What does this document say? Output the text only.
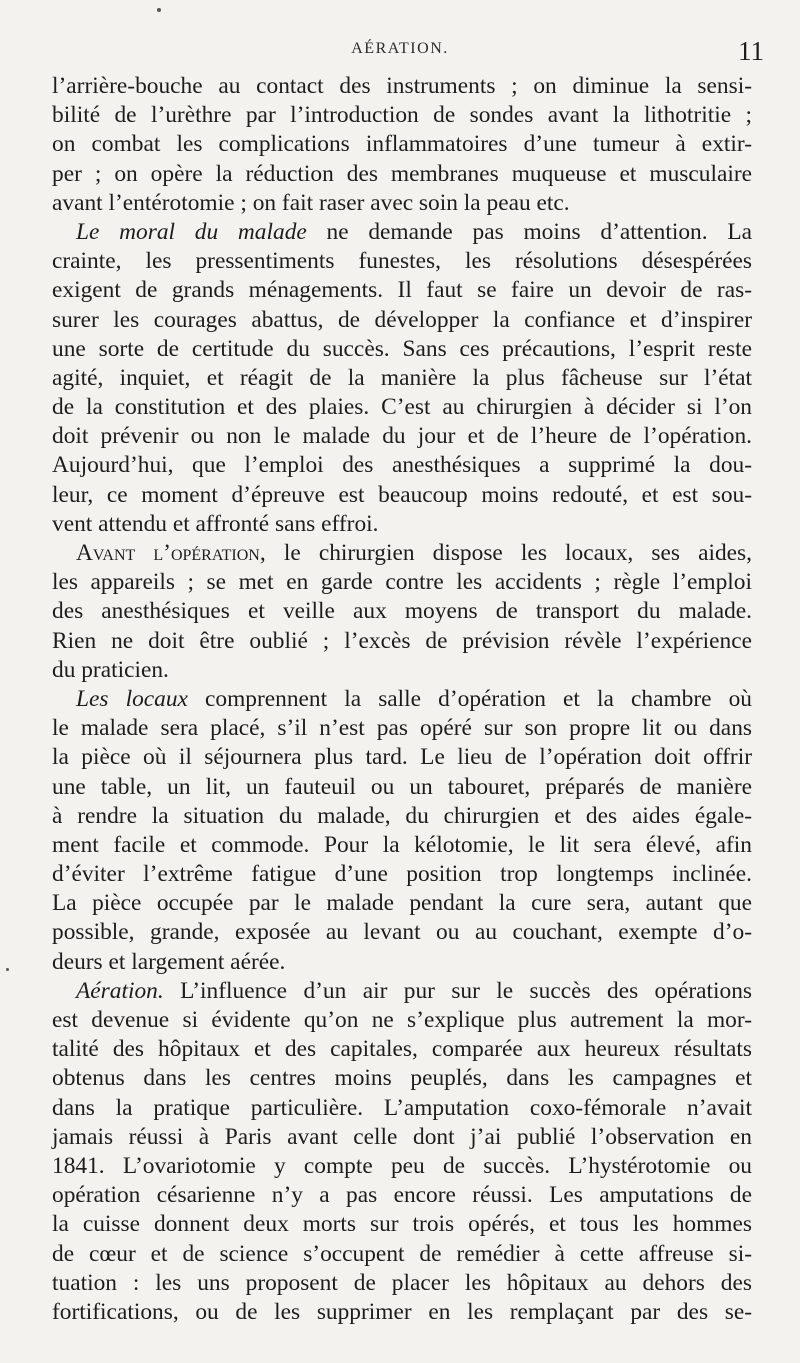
AÉRATION.	11
l’arrière-bouche au contact des instruments ; on diminue la sensi-
bilité de l’urèthre par l’introduction de sondes avant la lithotritie ;
on combat les complications inflammatoires d’une tumeur à extir-
per ; on opère la réduction des membranes muqueuse et musculaire
avant l’entérotomie ; on fait raser avec soin la peau etc.
Le moral du malade ne demande pas moins d’attention. La
crainte, les pressentiments funestes, les résolutions désespérées
exigent de grands ménagements. Il faut se faire un devoir de ras-
surer les courages abattus, de développer la confiance et d’inspirer
une sorte de certitude du succès. Sans ces précautions, l’esprit reste
agité, inquiet, et réagit de la manière la plus fâcheuse sur l’état
de la constitution et des plaies. C’est au chirurgien à décider si l’on
doit prévenir ou non le malade du jour et de l’heure de l’opération.
Aujourd’hui, que l’emploi des anesthésiques a supprimé la dou-
leur, ce moment d’épreuve est beaucoup moins redouté, et est sou-
vent attendu et affronté sans effroi.
Avant l’opération, le chirurgien dispose les locaux, ses aides,
les appareils ; se met en garde contre les accidents ; règle l’emploi
des anesthésiques et veille aux moyens de transport du malade.
Rien ne doit être oublié ; l’excès de prévision révèle l’expérience
du praticien.
Les locaux comprennent la salle d’opération et la chambre où
le malade sera placé, s’il n’est pas opéré sur son propre lit ou dans
la pièce où il séjournera plus tard. Le lieu de l’opération doit offrir
une table, un lit, un fauteuil ou un tabouret, préparés de manière
à rendre la situation du malade, du chirurgien et des aides égale-
ment facile et commode. Pour la kélotomie, le lit sera élevé, afin
d’éviter l’extrême fatigue d’une position trop longtemps inclinée.
La pièce occupée par le malade pendant la cure sera, autant que
possible, grande, exposée au levant ou au couchant, exempte d’o-
deurs et largement aérée.
Aération. L’influence d’un air pur sur le succès des opérations
est devenue si évidente qu’on ne s’explique plus autrement la mor-
talité des hôpitaux et des capitales, comparée aux heureux résultats
obtenus dans les centres moins peuplés, dans les campagnes et
dans la pratique particulière. L’amputation coxo-fémorale n’avait
jamais réussi à Paris avant celle dont j’ai publié l’observation en
1841. L’ovariotomie y compte peu de succès. L’hystérotomie ou
opération césarienne n’y a pas encore réussi. Les amputations de
la cuisse donnent deux morts sur trois opérés, et tous les hommes
de cœur et de science s’occupent de remédier à cette affreuse si-
tuation : les uns proposent de placer les hôpitaux au dehors des
fortifications, ou de les supprimer en les remplaçant par des se-
